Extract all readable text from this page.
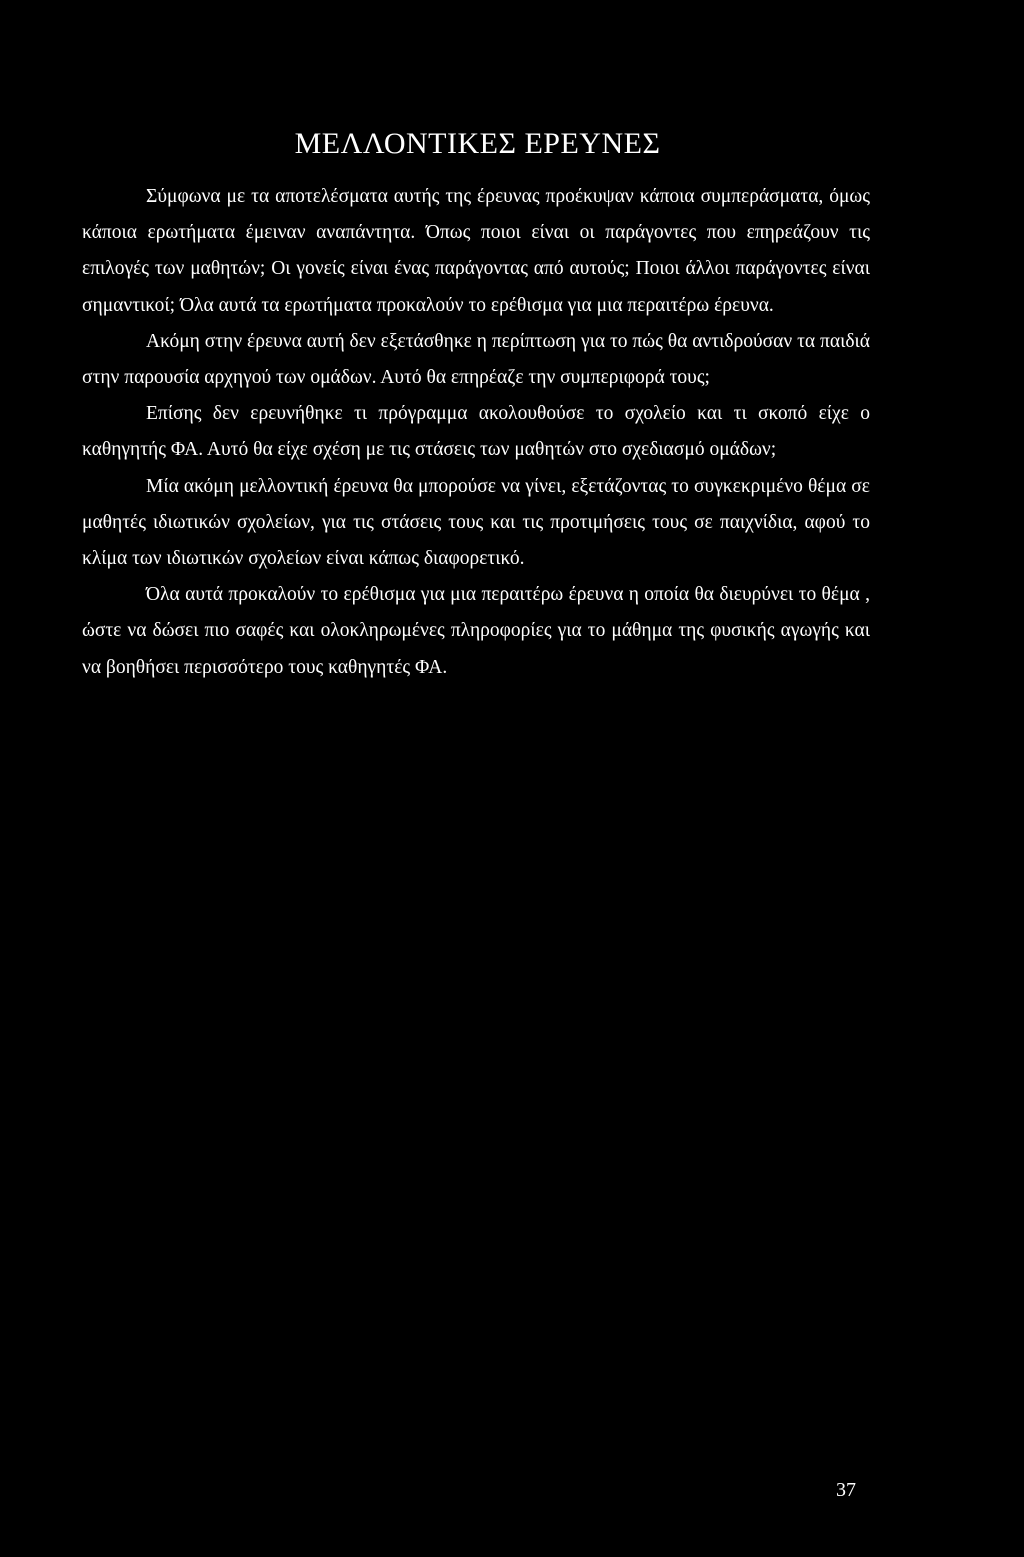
ΜΕΛΛΟΝΤΙΚΕΣ ΕΡΕΥΝΕΣ

Σύμφωνα με τα αποτελέσματα αυτής της έρευνας προέκυψαν κάποια συμπεράσματα, όμως κάποια ερωτήματα έμειναν αναπάντητα. Όπως ποιοι είναι οι παράγοντες που επηρεάζουν τις επιλογές των μαθητών; Οι γονείς είναι ένας παράγοντας από αυτούς; Ποιοι άλλοι παράγοντες είναι σημαντικοί; Όλα αυτά τα ερωτήματα προκαλούν το ερέθισμα για μια περαιτέρω έρευνα.

Ακόμη στην έρευνα αυτή δεν εξετάσθηκε η περίπτωση για το πώς θα αντιδρούσαν τα παιδιά στην παρουσία αρχηγού των ομάδων. Αυτό θα επηρέαζε την συμπεριφορά τους;

Επίσης δεν ερευνήθηκε τι πρόγραμμα ακολουθούσε το σχολείο και τι σκοπό είχε ο καθηγητής ΦΑ. Αυτό θα είχε σχέση με τις στάσεις των μαθητών στο σχεδιασμό ομάδων;

Μία ακόμη μελλοντική έρευνα θα μπορούσε να γίνει, εξετάζοντας το συγκεκριμένο θέμα σε μαθητές ιδιωτικών σχολείων, για τις στάσεις τους και τις προτιμήσεις τους σε παιχνίδια, αφού το κλίμα των ιδιωτικών σχολείων είναι κάπως διαφορετικό.

Όλα αυτά προκαλούν το ερέθισμα για μια περαιτέρω έρευνα η οποία θα διευρύνει το θέμα , ώστε να δώσει πιο σαφές και ολοκληρωμένες πληροφορίες για το μάθημα της φυσικής αγωγής και να βοηθήσει περισσότερο τους καθηγητές ΦΑ.

37
